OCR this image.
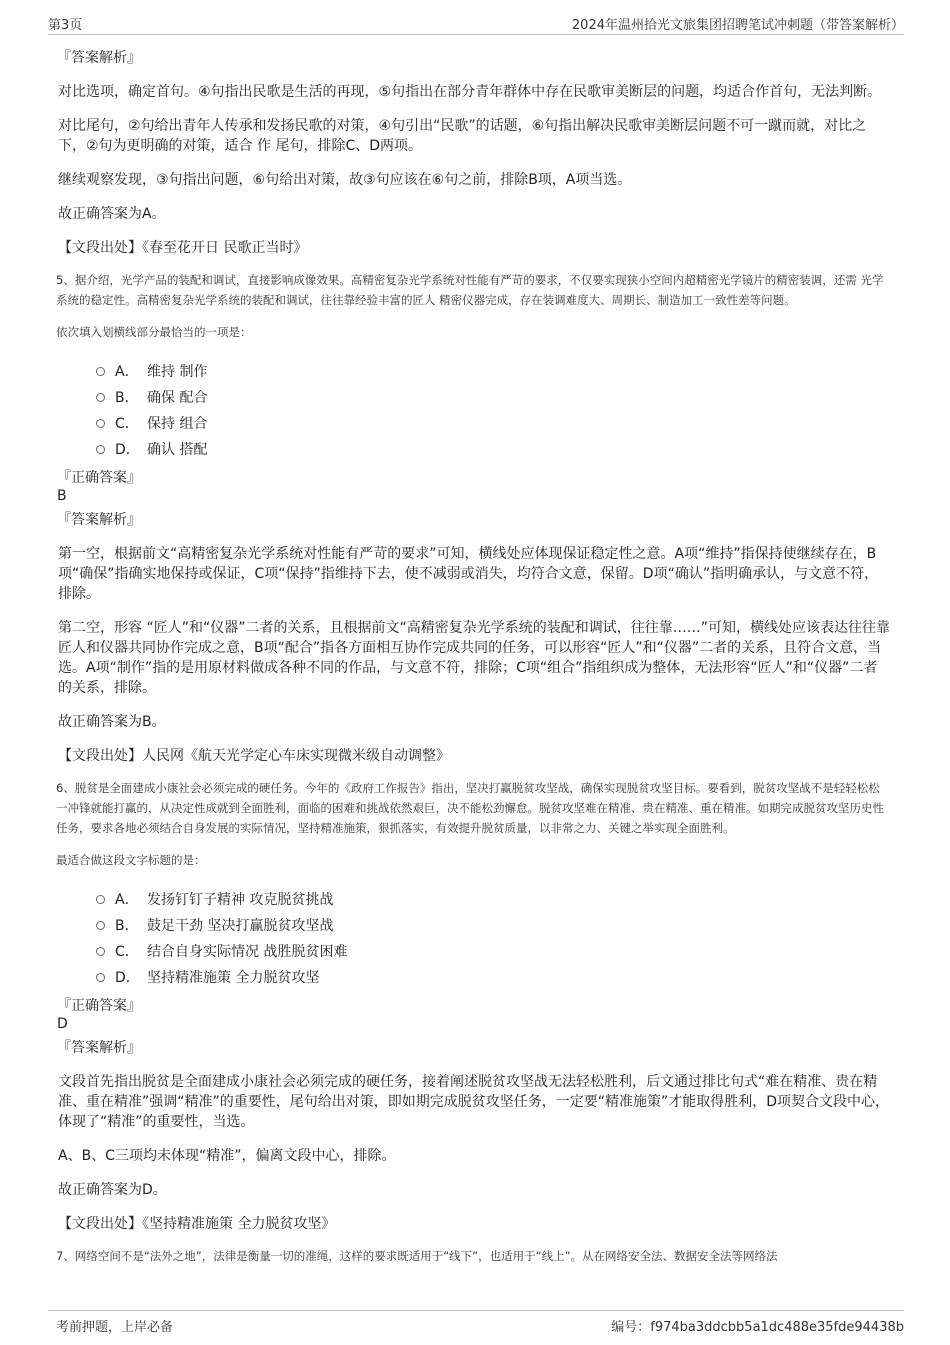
第3页	2024年温州拾光文旅集团招聘笔试冲刺题（带答案解析）
『答案解析』
对比选项，确定首句。④句指出民歌是生活的再现，⑤句指出在部分青年群体中存在民歌审美断层的问题，均适合作首句，无法判断。
对比尾句，②句给出青年人传承和发扬民歌的对策，④句引出“民歌”的话题，⑥句指出解决民歌审美断层问题不可一蹴而就，对比之下，②句为更明确的对策，适合 作 尾句，排除C、D两项。
继续观察发现，③句指出问题，⑥句给出对策，故③句应该在⑥句之前，排除B项，A项当选。
故正确答案为A。
【文段出处】《春至花开日 民歌正当时》
5、据介绍，光学产品的装配和调试，直接影响成像效果。高精密复杂光学系统对性能有严苛的要求，不仅要实现狭小空间内超精密光学镜片的精密装调，还需 光学系统的稳定性。高精密复杂光学系统的装配和调试，往往靠经验丰富的匠人 精密仪器完成，存在装调难度大、周期长、制造加工一致性差等问题。
依次填入划横线部分最恰当的一项是：
A． 维持 制作
B． 确保 配合
C． 保持 组合
D． 确认 搭配
『正确答案』
B
『答案解析』
第一空，根据前文“高精密复杂光学系统对性能有严苛的要求”可知，横线处应体现保证稳定性之意。A项“维持”指保持使继续存在，B项“确保”指确实地保持或保证，C项“保持”指维持下去，使不减弱或消失，均符合文意，保留。D项“确认”指明确承认，与文意不符，排除。
第二空，形容 “匠人”和“仪器”二者的关系，且根据前文“高精密复杂光学系统的装配和调试，往往靠……”可知，横线处应该表达往往靠匠人和仪器共同协作完成之意，B项“配合”指各方面相互协作完成共同的任务，可以形容“匠人”和“仪器”二者的关系，且符合文意，当选。A项“制作”指的是用原材料做成各种不同的作品，与文意不符，排除；C项“组合”指组织成为整体，无法形容“匠人”和“仪器”二者的关系，排除。
故正确答案为B。
【文段出处】人民网《航天光学定心车床实现微米级自动调整》
6、脱贫是全面建成小康社会必须完成的硬任务。今年的《政府工作报告》指出，坚决打赢脱贫攻坚战，确保实现脱贫攻坚目标。要看到，脱贫攻坚战不是轻轻松松一冲锋就能打赢的，从决定性成就到全面胜利，面临的困难和挑战依然艰巨，决不能松劲懈怠。脱贫攻坚难在精准、贵在精准、重在精准。如期完成脱贫攻坚历史性任务，要求各地必须结合自身发展的实际情况，坚持精准施策，狠抓落实，有效提升脱贫质量，以非常之力、关键之举实现全面胜利。
最适合做这段文字标题的是：
A． 发扬钉钉子精神 攻克脱贫挑战
B． 鼓足干劲 坚决打赢脱贫攻坚战
C． 结合自身实际情况 战胜脱贫困难
D． 坚持精准施策 全力脱贫攻坚
『正确答案』
D
『答案解析』
文段首先指出脱贫是全面建成小康社会必须完成的硬任务，接着阐述脱贫攻坚战无法轻松胜利，后文通过排比句式“难在精准、贵在精准、重在精准”强调“精准”的重要性，尾句给出对策，即如期完成脱贫攻坚任务，一定要“精准施策”才能取得胜利，D项契合文段中心，体现了“精准”的重要性，当选。
A、B、C三项均未体现“精准”，偏离文段中心，排除。
故正确答案为D。
【文段出处】《坚持精准施策 全力脱贫攻坚》
7、网络空间不是“法外之地”，法律是衡量一切的准绳，这样的要求既适用于“线下”，也适用于“线上”。从在网络安全法、数据安全法等网络法
考前押题，上岸必备	编号：f974ba3ddcbb5a1dc488e35fde94438b
